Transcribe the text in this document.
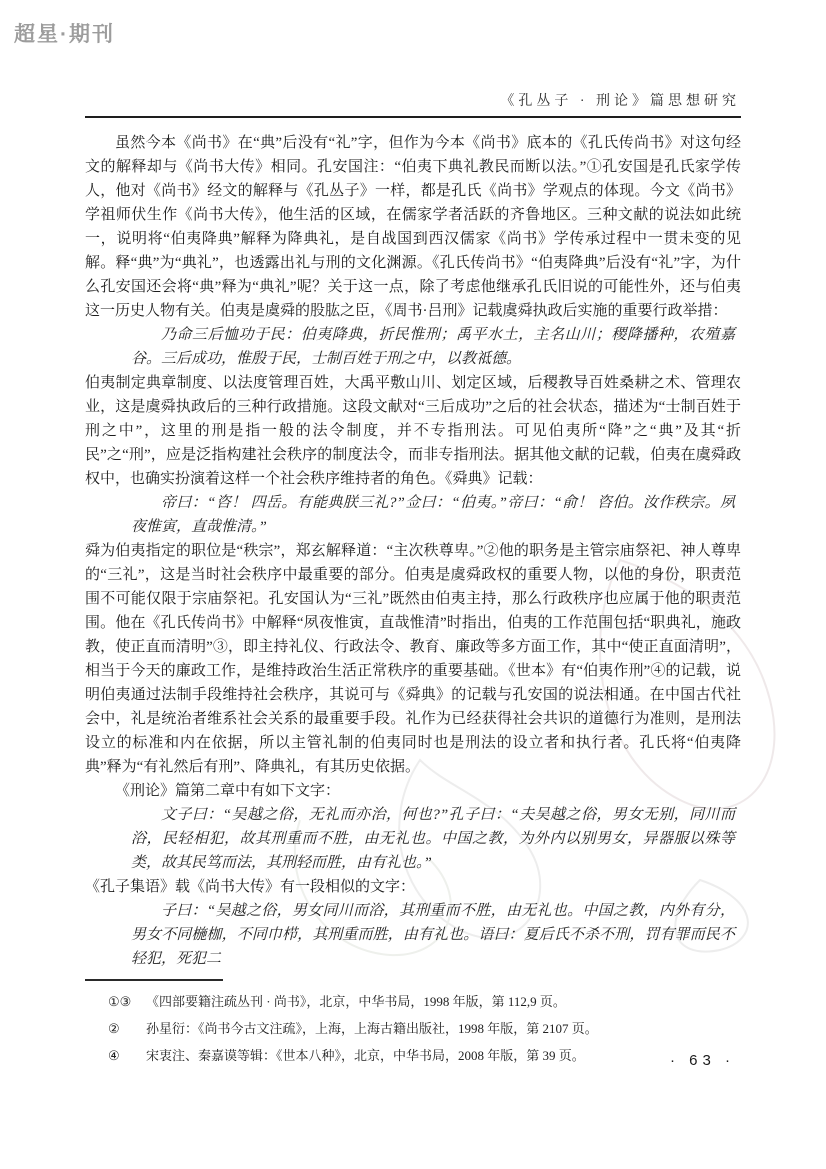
超星·期刊
《孔丛子 · 刑论》篇思想研究

虽然今本《尚书》在“典”后没有“礼”字，但作为今本《尚书》底本的《孔氏传尚书》对这句经文的解释却与《尚书大传》相同。孔安国注：“伯夷下典礼教民而断以法。”①孔安国是孔氏家学传人，他对《尚书》经文的解释与《孔丛子》一样，都是孔氏《尚书》学观点的体现。今文《尚书》学祖师伏生作《尚书大传》，他生活的区域，在儒家学者活跃的齐鲁地区。三种文献的说法如此统一，说明将“伯夷降典”解释为降典礼，是自战国到西汉儒家《尚书》学传承过程中一贯未变的见解。释“典”为“典礼”，也透露出礼与刑的文化渊源。《孔氏传尚书》“伯夷降典”后没有“礼”字，为什么孔安国还会将“典”释为“典礼”呢？关于这一点，除了考虑他继承孔氏旧说的可能性外，还与伯夷这一历史人物有关。伯夷是虞舜的股肱之臣，《周书·吕刑》记载虞舜执政后实施的重要行政举措：

乃命三后恤功于民：伯夷降典，折民惟刑；禹平水土，主名山川；稷降播种，农殖嘉谷。三后成功，惟殷于民，士制百姓于刑之中，以教祗德。

伯夷制定典章制度、以法度管理百姓，大禹平敷山川、划定区域，后稷教导百姓桑耕之术、管理农业，这是虞舜执政后的三种行政措施。这段文献对“三后成功”之后的社会状态，描述为“士制百姓于刑之中”，这里的刑是指一般的法令制度，并不专指刑法。可见伯夷所“降”之“典”及其“折民”之“刑”，应是泛指构建社会秩序的制度法令，而非专指刑法。据其他文献的记载，伯夷在虞舜政权中，也确实扮演着这样一个社会秩序维持者的角色。《舜典》记载：

帝曰：“咨！ 四岳。有能典朕三礼?”佥曰：“伯夷。”帝曰：“俞！ 咨伯。汝作秩宗。夙夜惟寅，直哉惟清。”

舜为伯夷指定的职位是“秩宗”，郑玄解释道：“主次秩尊卑。”②他的职务是主管宗庙祭祀、神人尊卑的“三礼”，这是当时社会秩序中最重要的部分。伯夷是虞舜政权的重要人物，以他的身份，职责范围不可能仅限于宗庙祭祀。孔安国认为“三礼”既然由伯夷主持，那么行政秩序也应属于他的职责范围。他在《孔氏传尚书》中解释“夙夜惟寅，直哉惟清”时指出，伯夷的工作范围包括“职典礼，施政教，使正直而清明”③，即主持礼仪、行政法令、教育、廉政等多方面工作，其中“使正直面清明”，相当于今天的廉政工作，是维持政治生活正常秩序的重要基础。《世本》有“伯夷作刑”④的记载，说明伯夷通过法制手段维持社会秩序，其说可与《舜典》的记载与孔安国的说法相通。在中国古代社会中，礼是统治者维系社会关系的最重要手段。礼作为已经获得社会共识的道德行为准则，是刑法设立的标准和内在依据，所以主管礼制的伯夷同时也是刑法的设立者和执行者。孔氏将“伯夷降典”释为“有礼然后有刑”、降典礼，有其历史依据。

《刑论》篇第二章中有如下文字：

文子曰：“吴越之俗，无礼而亦治，何也?”孔子曰：“夫吴越之俗，男女无别，同川而浴，民轻相犯，故其刑重而不胜，由无礼也。中国之教，为外内以别男女，异器服以殊等类，故其民笃而法，其刑轻而胜，由有礼也。”

《孔子集语》载《尚书大传》有一段相似的文字：

子曰：“吴越之俗，男女同川而浴，其刑重而不胜，由无礼也。中国之教，内外有分，男女不同椸枷，不同巾栉，其刑重而胜，由有礼也。语曰：夏后氏不杀不刑，罚有罪而民不轻犯，死犯二

①③	《四部要籍注疏丛刊 · 尚书》，北京，中华书局，1998 年版，第 112,9 页。
②	孙星衍：《尚书今古文注疏》，上海，上海古籍出版社，1998 年版，第 2107 页。
④	宋衷注、秦嘉谟等辑：《世本八种》，北京，中华书局，2008 年版，第 39 页。	· 63 ·
